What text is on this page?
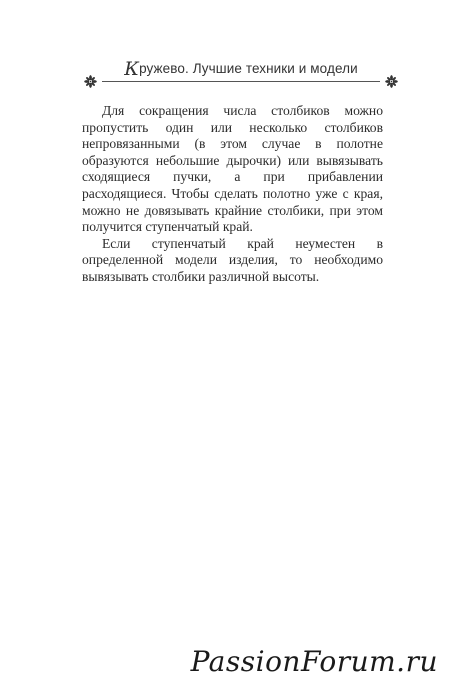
Кружево. Лучшие техники и модели

Для сокращения числа столбиков можно пропустить один или несколько столбиков непровязанными (в этом случае в полотне образуются небольшие дырочки) или вывязывать сходящиеся пучки, а при прибавлении расходящиеся. Чтобы сделать полотно уже с края, можно не довязывать крайние столбики, при этом получится ступенчатый край.

Если ступенчатый край неуместен в определенной модели изделия, то необходимо вывязывать столбики различной высоты.

PassionForum.ru
